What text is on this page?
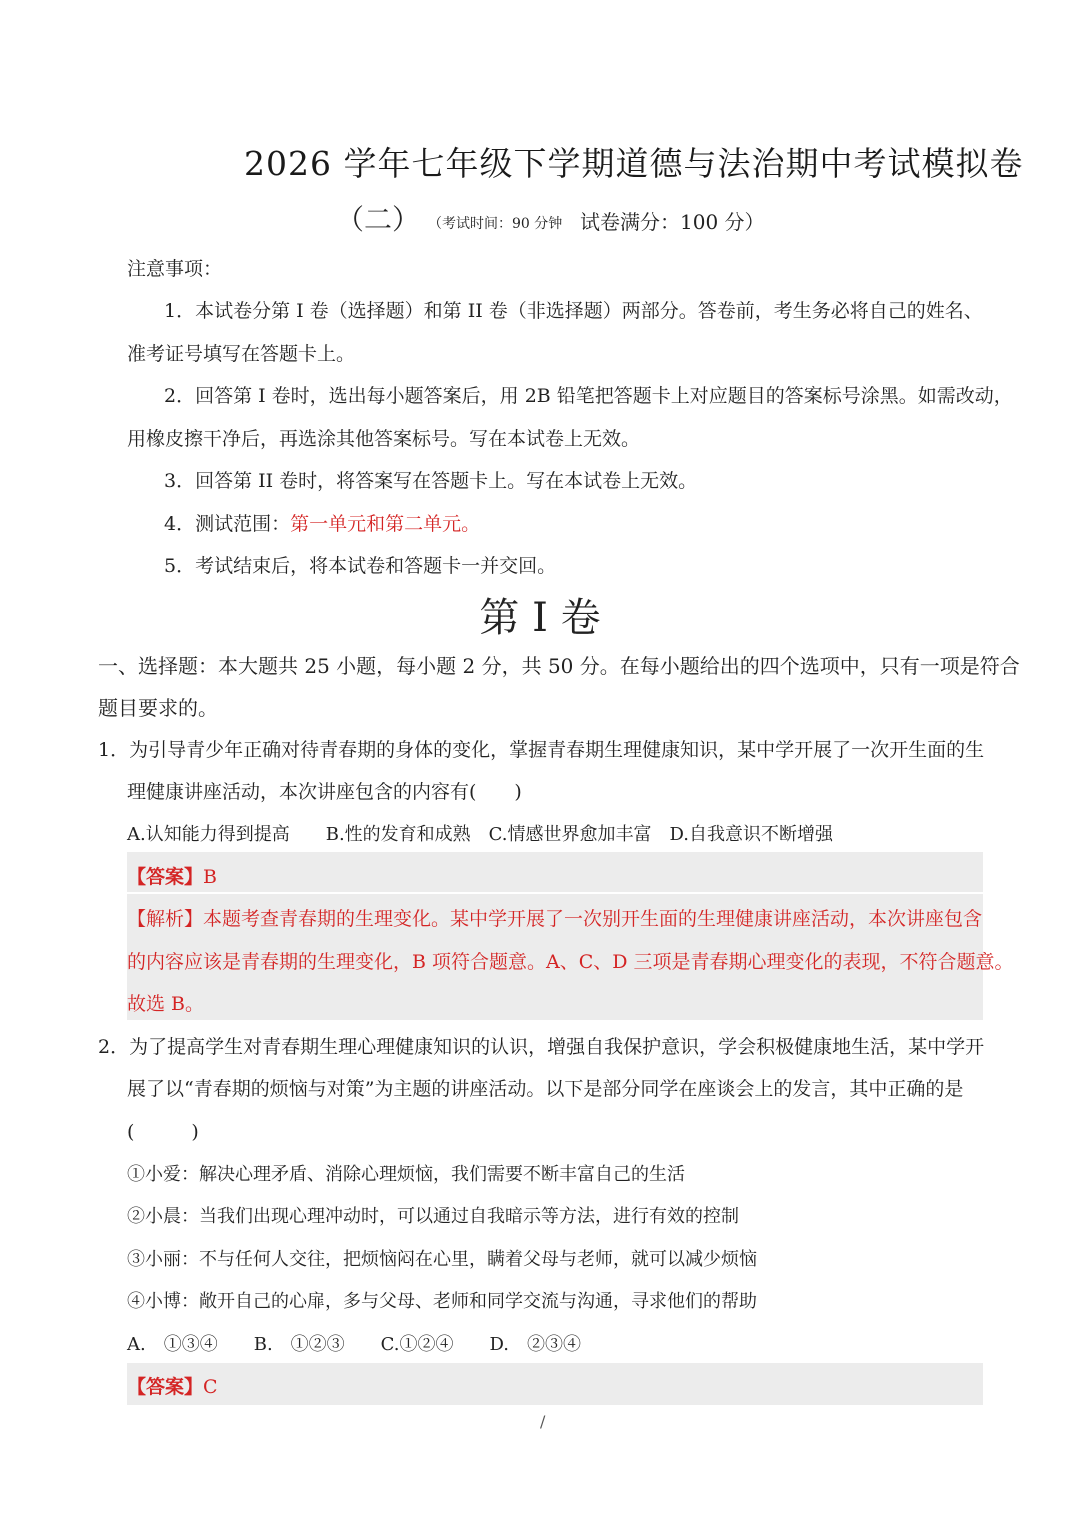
2026 学年七年级下学期道德与法治期中考试模拟卷
（二） （考试时间：90 分钟 试卷满分：100 分）
注意事项：
1．本试卷分第 I 卷（选择题）和第 II 卷（非选择题）两部分。答卷前，考生务必将自己的姓名、
准考证号填写在答题卡上。
2．回答第 I 卷时，选出每小题答案后，用 2B 铅笔把答题卡上对应题目的答案标号涂黑。如需改动，
用橡皮擦干净后，再选涂其他答案标号。写在本试卷上无效。
3．回答第 II 卷时，将答案写在答题卡上。写在本试卷上无效。
4．测试范围：第一单元和第二单元。
5．考试结束后，将本试卷和答题卡一并交回。
第 I 卷
一、选择题：本大题共 25 小题，每小题 2 分，共 50 分。在每小题给出的四个选项中，只有一项是符合
题目要求的。
1．为引导青少年正确对待青春期的身体的变化，掌握青春期生理健康知识，某中学开展了一次开生面的生
理健康讲座活动，本次讲座包含的内容有(　　)
A.认知能力得到提高　　B.性的发育和成熟　C.情感世界愈加丰富　D.自我意识不断增强
【答案】B
【解析】本题考查青春期的生理变化。某中学开展了一次别开生面的生理健康讲座活动，本次讲座包含
的内容应该是青春期的生理变化，B 项符合题意。A、C、D 三项是青春期心理变化的表现，不符合题意。
故选 B。
2．为了提高学生对青春期生理心理健康知识的认识，增强自我保护意识，学会积极健康地生活，某中学开
展了以“青春期的烦恼与对策”为主题的讲座活动。以下是部分同学在座谈会上的发言，其中正确的是
(　　　)
①小爱：解决心理矛盾、消除心理烦恼，我们需要不断丰富自己的生活
②小晨：当我们出现心理冲动时，可以通过自我暗示等方法，进行有效的控制
③小丽：不与任何人交往，把烦恼闷在心里，瞒着父母与老师，就可以减少烦恼
④小博：敞开自己的心扉，多与父母、老师和同学交流与沟通，寻求他们的帮助
A.　①③④　　B.　①②③　　C.①②④　　D.　②③④
【答案】C
/
